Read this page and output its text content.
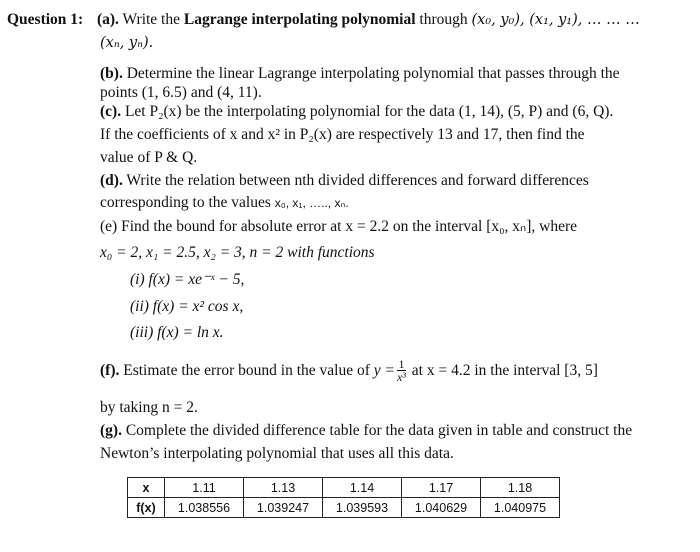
Question 1: (a). Write the Lagrange interpolating polynomial through (x₀, y₀), (x₁, y₁), … … …
(xₙ, yₙ).
(b). Determine the linear Lagrange interpolating polynomial that passes through the
points (1, 6.5) and (4, 11).
(c). Let P₂(x) be the interpolating polynomial for the data (1, 14), (5, P) and (6, Q).
If the coefficients of x and x² in P₂(x) are respectively 13 and 17, then find the
value of P & Q.
(d). Write the relation between nth divided differences and forward differences
corresponding to the values x₀, x₁, ….., xₙ.
(e) Find the bound for absolute error at x = 2.2 on the interval [x₀, xₙ], where
x₀ = 2, x₁ = 2.5, x₂ = 3, n = 2 with functions
(i) f(x) = xe⁻ˣ − 5,
(ii) f(x) = x² cos x,
(iii) f(x) = ln x.
(f). Estimate the error bound in the value of $y = \frac{1}{\text{x³}}$ at x = 4.2 in the interval [3, 5]
by taking n = 2.
(g). Complete the divided difference table for the data given in table and construct the
Newton’s interpolating polynomial that uses all this data.
x	1.11	1.13	1.14	1.17	1.18
f(x)	1.038556	1.039247	1.039593	1.040629	1.040975
